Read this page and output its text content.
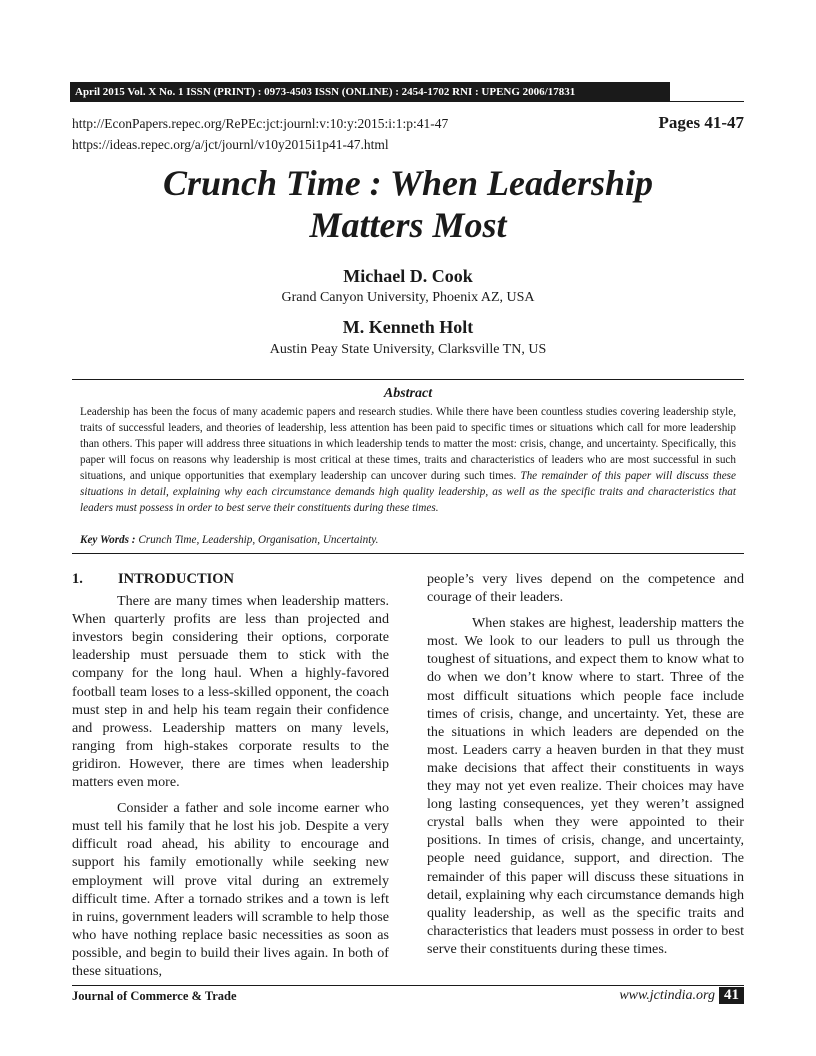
April 2015 Vol. X No. 1 ISSN (PRINT) : 0973-4503 ISSN (ONLINE) : 2454-1702 RNI : UPENG 2006/17831
http://EconPapers.repec.org/RePEc:jct:journl:v:10:y:2015:i:1:p:41-47
https://ideas.repec.org/a/jct/journl/v10y2015i1p41-47.html
Pages 41-47
Crunch Time : When Leadership
Matters Most
Michael D. Cook
Grand Canyon University, Phoenix AZ, USA
M. Kenneth Holt
Austin Peay State University, Clarksville TN, US
Abstract
Leadership has been the focus of many academic papers and research studies. While there have been countless studies covering leadership style, traits of successful leaders, and theories of leadership, less attention has been paid to specific times or situations which call for more leadership than others. This paper will address three situations in which leadership tends to matter the most: crisis, change, and uncertainty. Specifically, this paper will focus on reasons why leadership is most critical at these times, traits and characteristics of leaders who are most successful in such situations, and unique opportunities that exemplary leadership can uncover during such times. The remainder of this paper will discuss these situations in detail, explaining why each circumstance demands high quality leadership, as well as the specific traits and characteristics that leaders must possess in order to best serve their constituents during these times.
Key Words : Crunch Time, Leadership, Organisation, Uncertainty.
1. INTRODUCTION

There are many times when leadership matters. When quarterly profits are less than projected and investors begin considering their options, corporate leadership must persuade them to stick with the company for the long haul. When a highly-favored football team loses to a less-skilled opponent, the coach must step in and help his team regain their confidence and prowess. Leadership matters on many levels, ranging from high-stakes corporate results to the gridiron. However, there are times when leadership matters even more.

Consider a father and sole income earner who must tell his family that he lost his job. Despite a very difficult road ahead, his ability to encourage and support his family emotionally while seeking new employment will prove vital during an extremely difficult time. After a tornado strikes and a town is left in ruins, government leaders will scramble to help those who have nothing replace basic necessities as soon as possible, and begin to build their lives again. In both of these situations,

people’s very lives depend on the competence and courage of their leaders.

When stakes are highest, leadership matters the most. We look to our leaders to pull us through the toughest of situations, and expect them to know what to do when we don’t know where to start. Three of the most difficult situations which people face include times of crisis, change, and uncertainty. Yet, these are the situations in which leaders are depended on the most. Leaders carry a heaven burden in that they must make decisions that affect their constituents in ways they may not yet even realize. Their choices may have long lasting consequences, yet they weren’t assigned crystal balls when they were appointed to their positions. In times of crisis, change, and uncertainty, people need guidance, support, and direction. The remainder of this paper will discuss these situations in detail, explaining why each circumstance demands high quality leadership, as well as the specific traits and characteristics that leaders must possess in order to best serve their constituents during these times.

Journal of Commerce & Trade	www.jctindia.org 41
